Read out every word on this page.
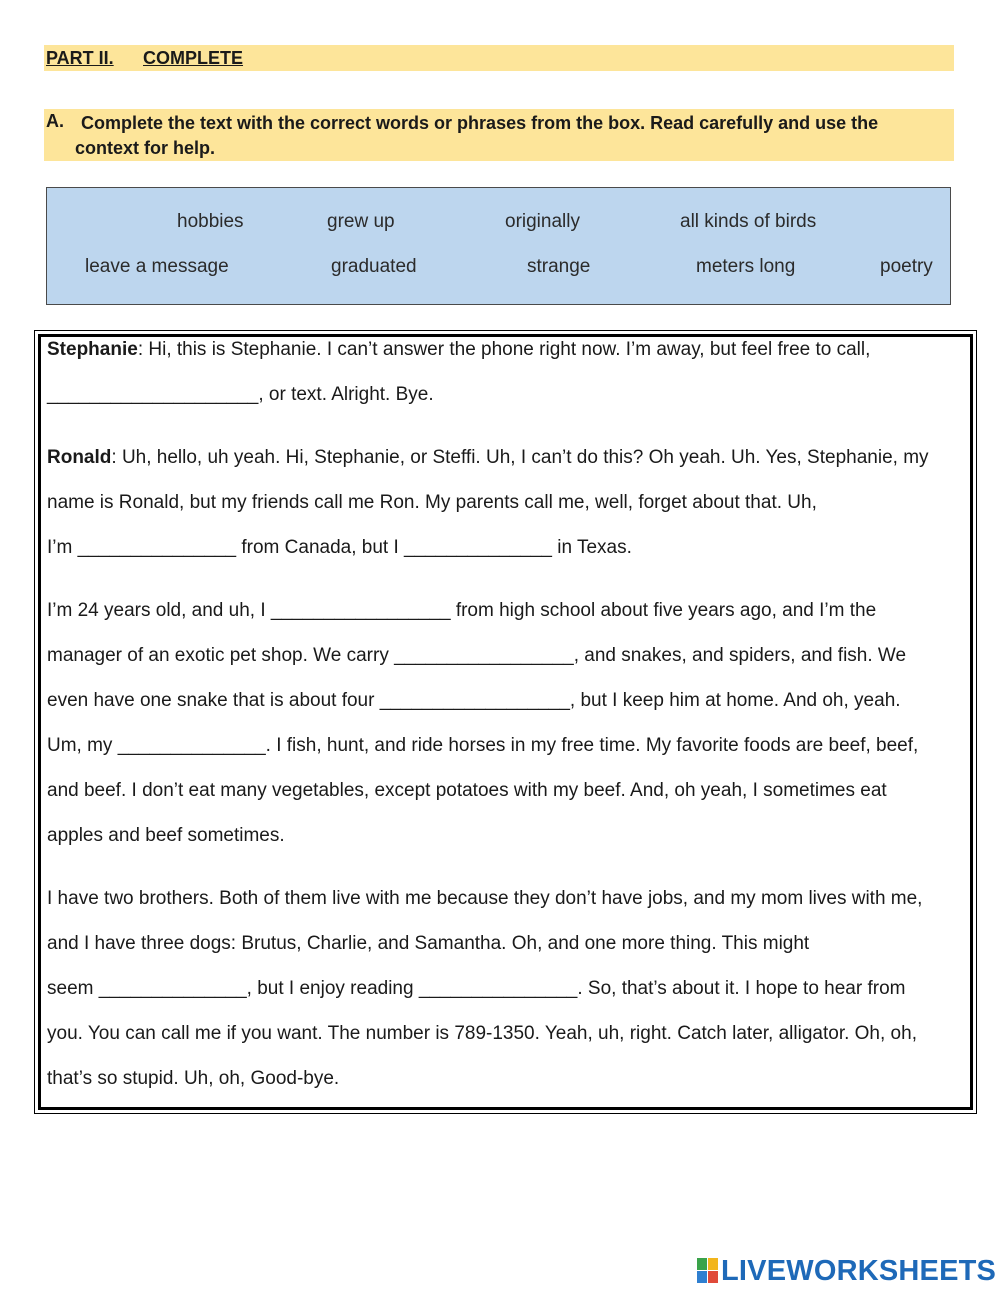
PART II. COMPLETE
A. Complete the text with the correct words or phrases from the box. Read carefully and use the context for help.
hobbies	grew up	originally	all kinds of birds
leave a message	graduated	strange	meters long	poetry
Stephanie: Hi, this is Stephanie. I can’t answer the phone right now. I’m away, but feel free to call,
____________________, or text. Alright. Bye.
Ronald: Uh, hello, uh yeah. Hi, Stephanie, or Steffi. Uh, I can’t do this? Oh yeah. Uh. Yes, Stephanie, my
name is Ronald, but my friends call me Ron. My parents call me, well, forget about that. Uh,
I’m _______________ from Canada, but I ______________ in Texas.
I’m 24 years old, and uh, I _________________ from high school about five years ago, and I’m the
manager of an exotic pet shop. We carry _________________, and snakes, and spiders, and fish. We
even have one snake that is about four __________________, but I keep him at home. And oh, yeah.
Um, my ______________. I fish, hunt, and ride horses in my free time. My favorite foods are beef, beef,
and beef. I don’t eat many vegetables, except potatoes with my beef. And, oh yeah, I sometimes eat
apples and beef sometimes.
I have two brothers. Both of them live with me because they don’t have jobs, and my mom lives with me,
and I have three dogs: Brutus, Charlie, and Samantha. Oh, and one more thing. This might
seem ______________, but I enjoy reading _______________. So, that’s about it. I hope to hear from
you. You can call me if you want. The number is 789-1350. Yeah, uh, right. Catch later, alligator. Oh, oh,
that’s so stupid. Uh, oh, Good-bye.
LIVEWORKSHEETS
